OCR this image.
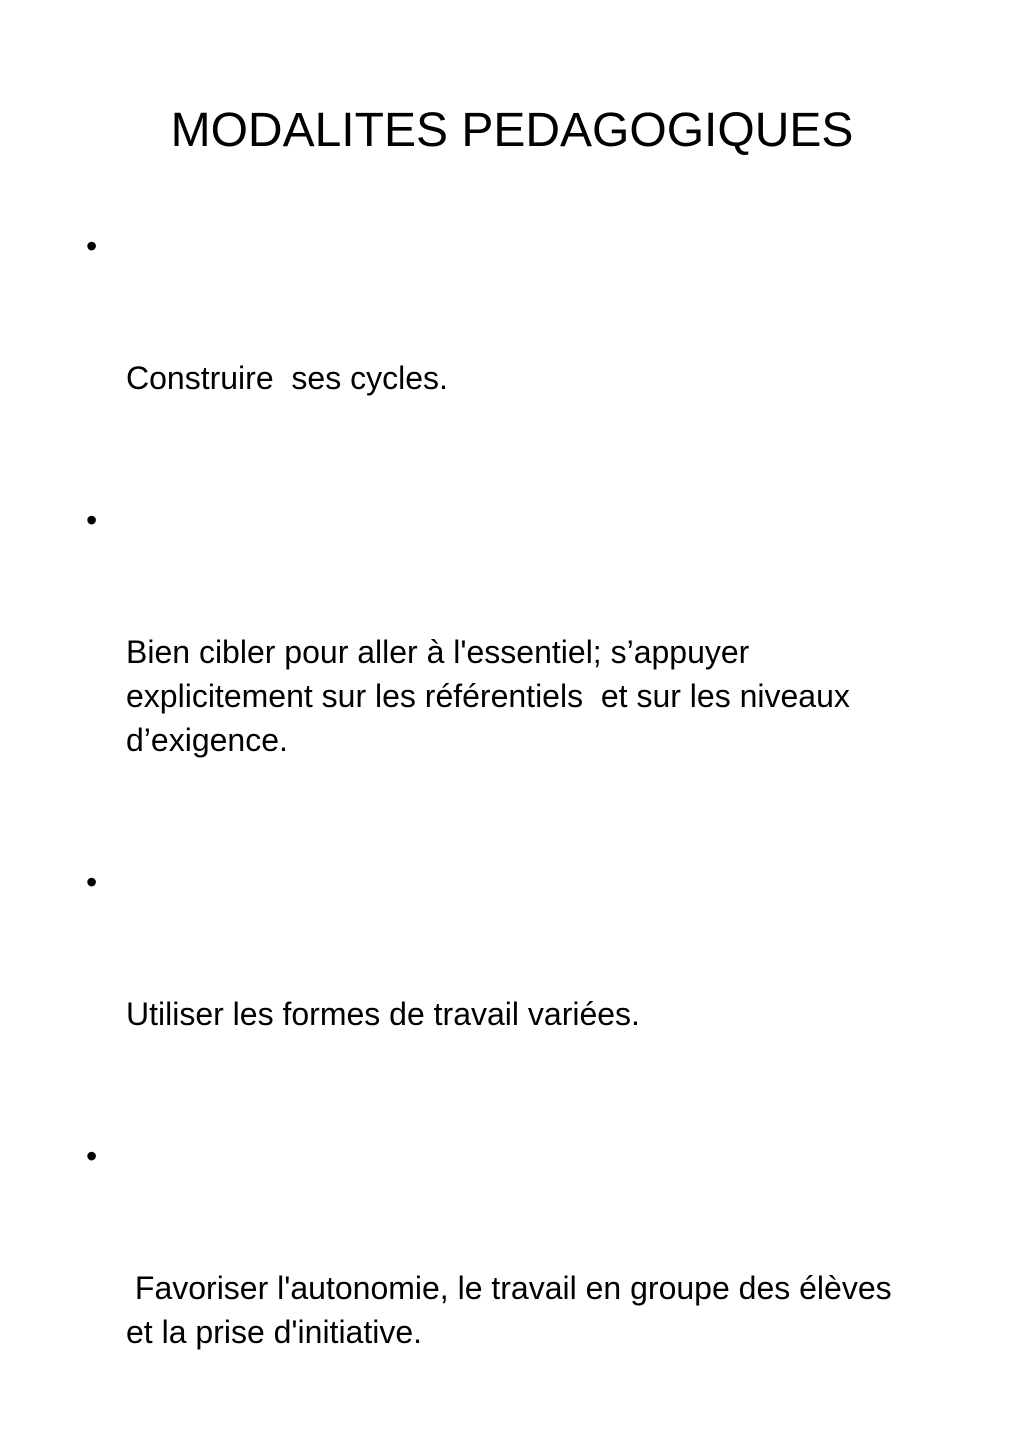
MODALITES PEDAGOGIQUES

•

Construire  ses cycles.

•

Bien cibler pour aller à l'essentiel; s’appuyer explicitement sur les référentiels  et sur les niveaux d’exigence.

•

Utiliser les formes de travail variées.

•

Favoriser l'autonomie, le travail en groupe des élèves et la prise d'initiative.
